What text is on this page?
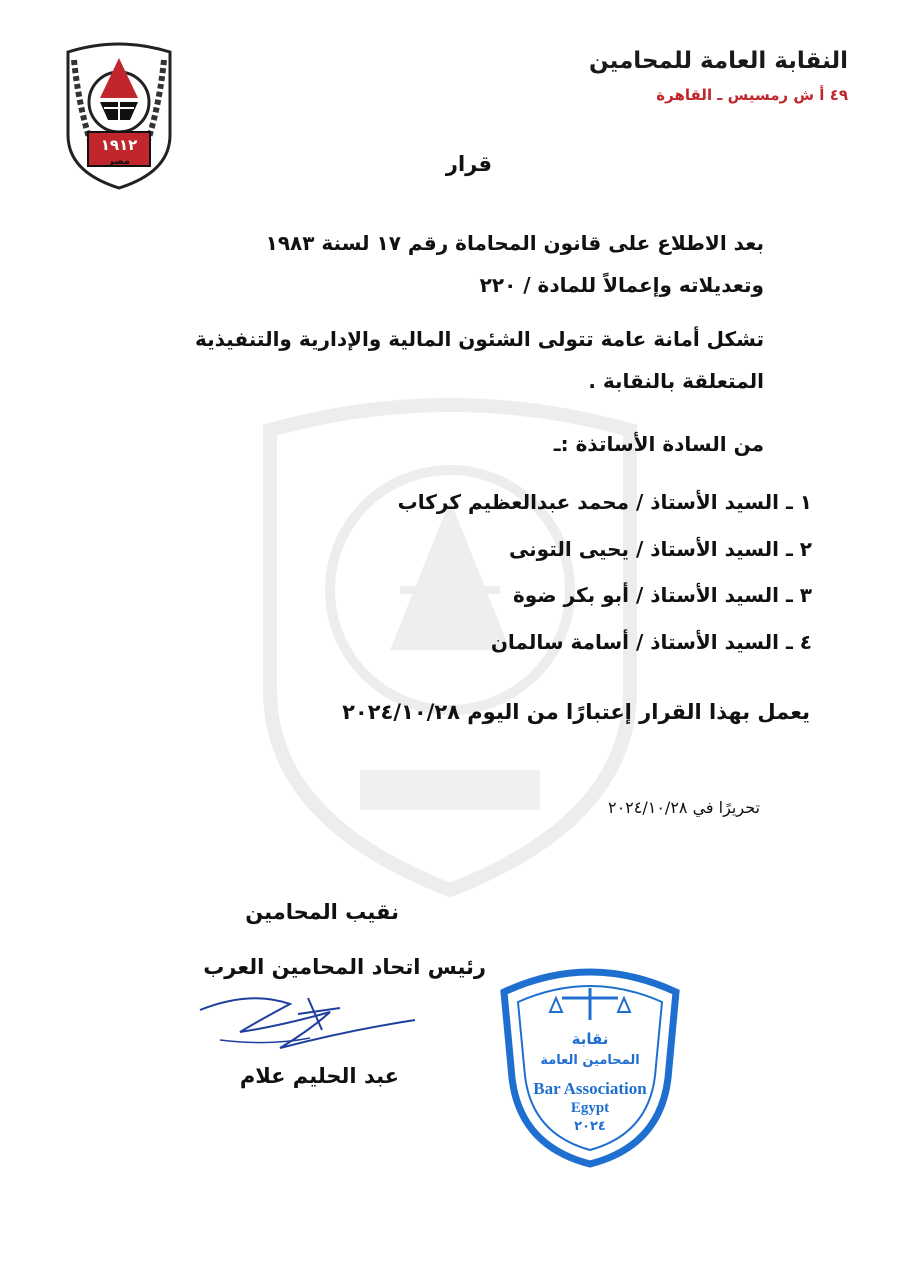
١٩١٢
مصر
النقابة العامة للمحامين
٤٩ أ ش رمسيس ـ القاهرة
قرار
بعد الاطلاع على قانون المحاماة رقم ١٧ لسنة ١٩٨٣
وتعديلاته وإعمالاً للمادة / ٢٢٠
تشكل أمانة عامة تتولى الشئون المالية والإدارية والتنفيذية
المتعلقة بالنقابة .
من السادة الأساتذة :ـ
١ ـ السيد الأستاذ / محمد عبدالعظيم كركاب
٢ ـ السيد الأستاذ / يحيى التونى
٣ ـ السيد الأستاذ / أبو بكر ضوة
٤ ـ السيد الأستاذ / أسامة سالمان
يعمل بهذا القرار إعتبارًا من اليوم ٢٠٢٤/١٠/٢٨
تحريرًا في ٢٠٢٤/١٠/٢٨
نقيب المحامين
رئيس اتحاد المحامين العرب
عبد الحليم علام
نقابة
المحامين العامة
Bar Association
Egypt
٢٠٢٤
